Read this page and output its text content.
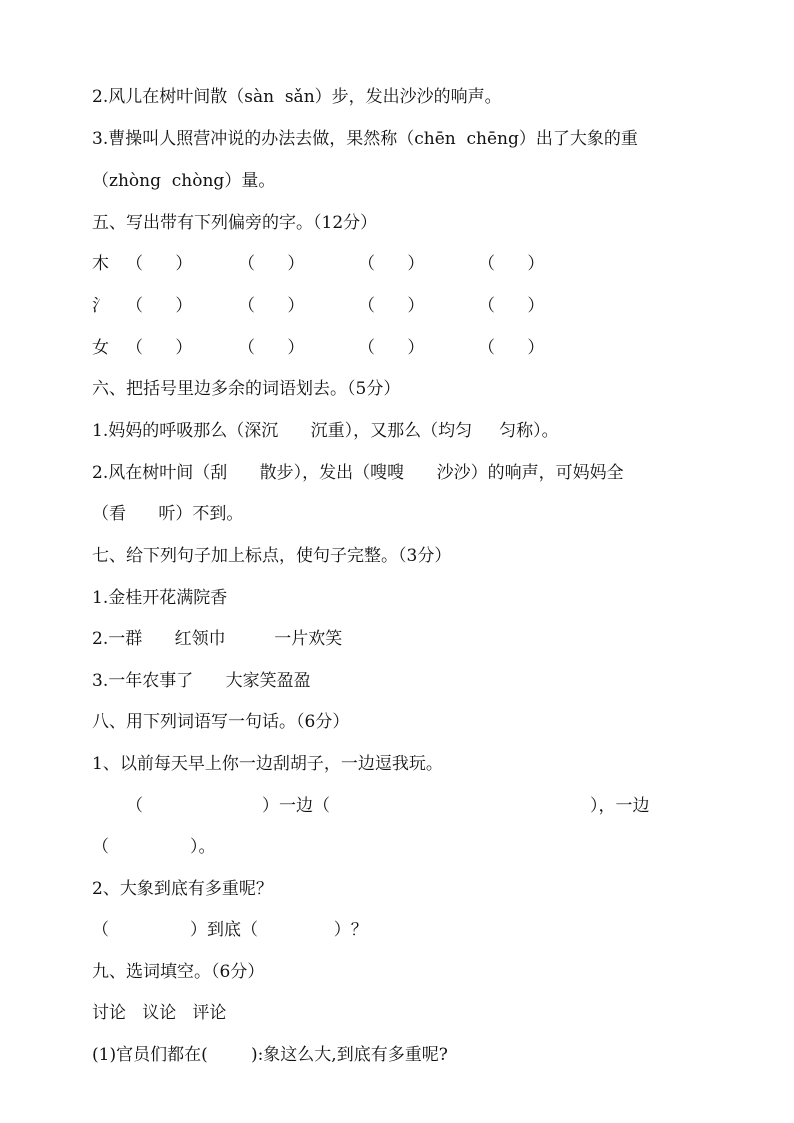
2.风儿在树叶间散（sàn  sǎn）步，发出沙沙的响声。
3.曹操叫人照营冲说的办法去做，果然称（chēn  chēng）出了大象的重
（zhòng  chòng）量。
五、写出带有下列偏旁的字。（12分）
木 （      ）	（      ）	（      ）	（      ）
氵 （      ）	（      ）	（      ）	（      ）
女 （      ）	（      ）	（      ）	（      ）
六、把括号里边多余的词语划去。（5分）
1.妈妈的呼吸那么（深沉      沉重），又那么（均匀     匀称）。
2.风在树叶间（刮      散步），发出（嗖嗖      沙沙）的响声，可妈妈全
（看      听）不到。
七、给下列句子加上标点，使句子完整。（3分）
1.金桂开花满院香
2.一群      红领巾         一片欢笑
3.一年农事了      大家笑盈盈
八、用下列词语写一句话。（6分）
1、以前每天早上你一边刮胡子，一边逗我玩。
（	）一边（	），一边
（               ）。
2、大象到底有多重呢？
（               ）到底（              ）？
九、选词填空。（6分）
讨论   议论   评论
(1)官员们都在(        ):象这么大,到底有多重呢?
